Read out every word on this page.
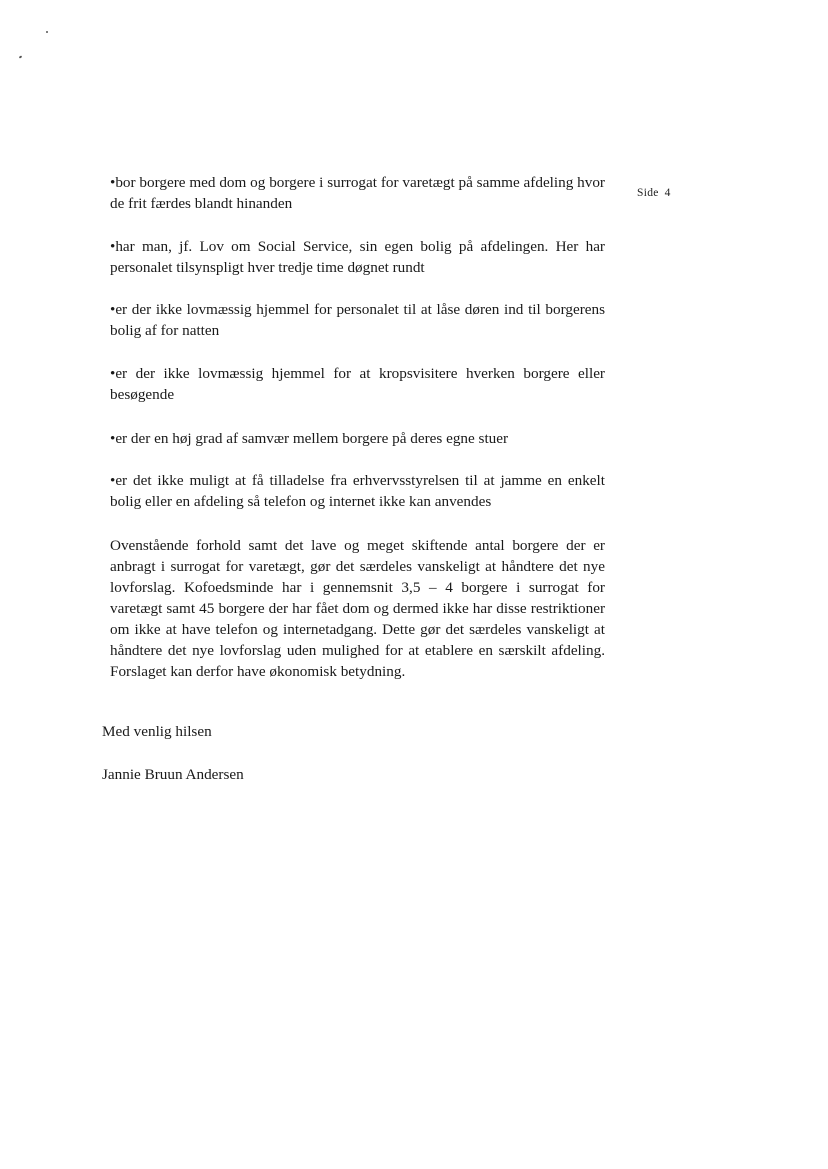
Side 4

•bor borgere med dom og borgere i surrogat for varetægt på samme afdeling hvor de frit færdes blandt hinanden

•har man, jf. Lov om Social Service, sin egen bolig på afdelingen. Her har personalet tilsynspligt hver tredje time døgnet rundt

•er der ikke lovmæssig hjemmel for personalet til at låse døren ind til borgerens bolig af for natten

•er der ikke lovmæssig hjemmel for at kropsvisitere hverken borgere eller besøgende

•er der en høj grad af samvær mellem borgere på deres egne stuer

•er det ikke muligt at få tilladelse fra erhvervsstyrelsen til at jamme en enkelt bolig eller en afdeling så telefon og internet ikke kan anvendes

Ovenstående forhold samt det lave og meget skiftende antal borgere der er anbragt i surrogat for varetægt, gør det særdeles vanskeligt at håndtere det nye lovforslag. Kofoedsminde har i gennemsnit 3,5 – 4 borgere i surrogat for varetægt samt 45 borgere der har fået dom og dermed ikke har disse restriktioner om ikke at have telefon og internetadgang. Dette gør det særdeles vanskeligt at håndtere det nye lovforslag uden mulighed for at etablere en særskilt afdeling. Forslaget kan derfor have økonomisk betydning.

Med venlig hilsen

Jannie Bruun Andersen
